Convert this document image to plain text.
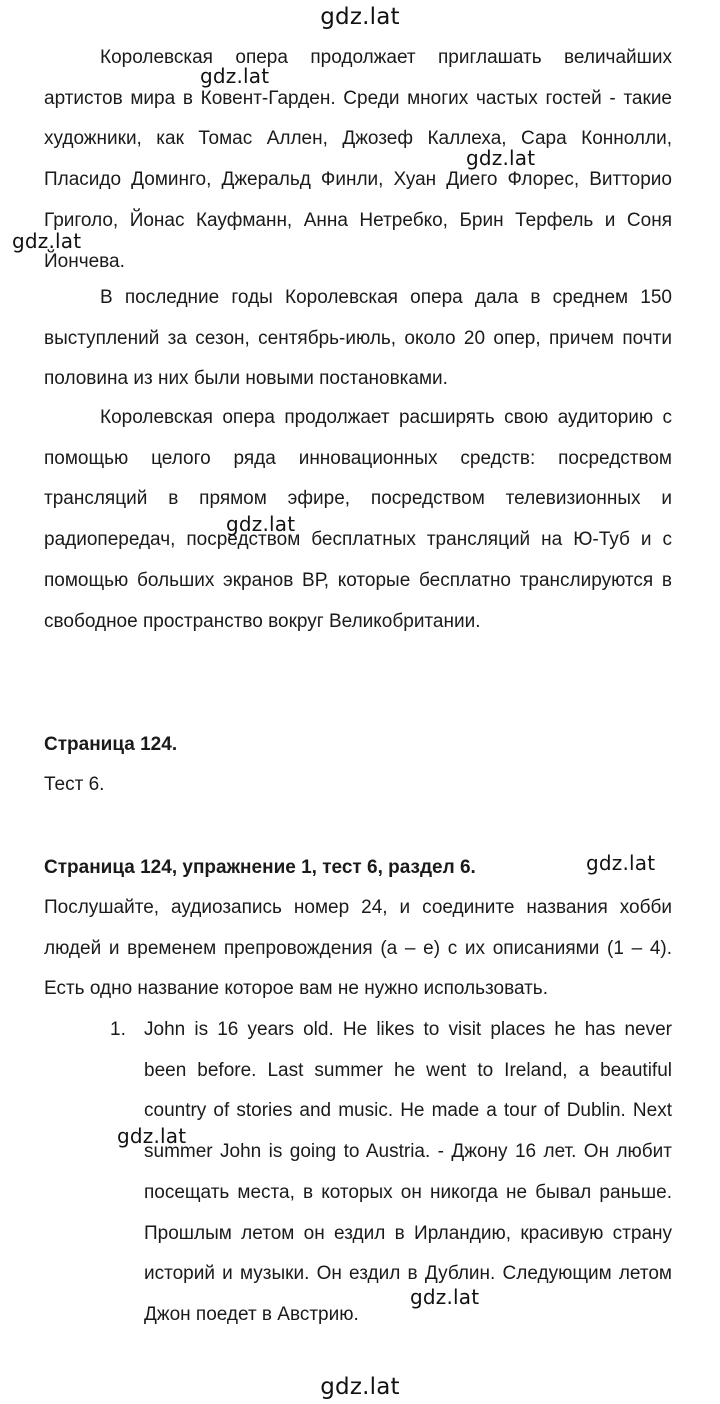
gdz.lat

Королевская опера продолжает приглашать величайших артистов мира в Ковент-Гарден. Среди многих частых гостей - такие художники, как Томас Аллен, Джозеф Каллеха, Сара Коннолли, Пласидо Доминго, Джеральд Финли, Хуан Диего Флорес, Витторио Григоло, Йонас Кауфманн, Анна Нетребко, Брин Терфель и Соня Йончева.

В последние годы Королевская опера дала в среднем 150 выступлений за сезон, сентябрь-июль, около 20 опер, причем почти половина из них были новыми постановками.

Королевская опера продолжает расширять свою аудиторию с помощью целого ряда инновационных средств: посредством трансляций в прямом эфире, посредством телевизионных и радиопередач, посредством бесплатных трансляций на Ю-Туб и с помощью больших экранов ВР, которые бесплатно транслируются в свободное пространство вокруг Великобритании.

Страница 124.

Тест 6.

Страница 124, упражнение 1, тест 6, раздел 6.

Послушайте, аудиозапись номер 24, и соедините названия хобби людей и временем препровождения (a – e) с их описаниями (1 – 4). Есть одно название которое вам не нужно использовать.

1. John is 16 years old. He likes to visit places he has never been before. Last summer he went to Ireland, a beautiful country of stories and music. He made a tour of Dublin. Next summer John is going to Austria. - Джону 16 лет. Он любит посещать места, в которых он никогда не бывал раньше. Прошлым летом он ездил в Ирландию, красивую страну историй и музыки. Он ездил в Дублин. Следующим летом Джон поедет в Австрию.
gdz.lat
gdz.lat
gdz.lat
gdz.lat
gdz.lat
gdz.lat
gdz.lat
gdz.lat
